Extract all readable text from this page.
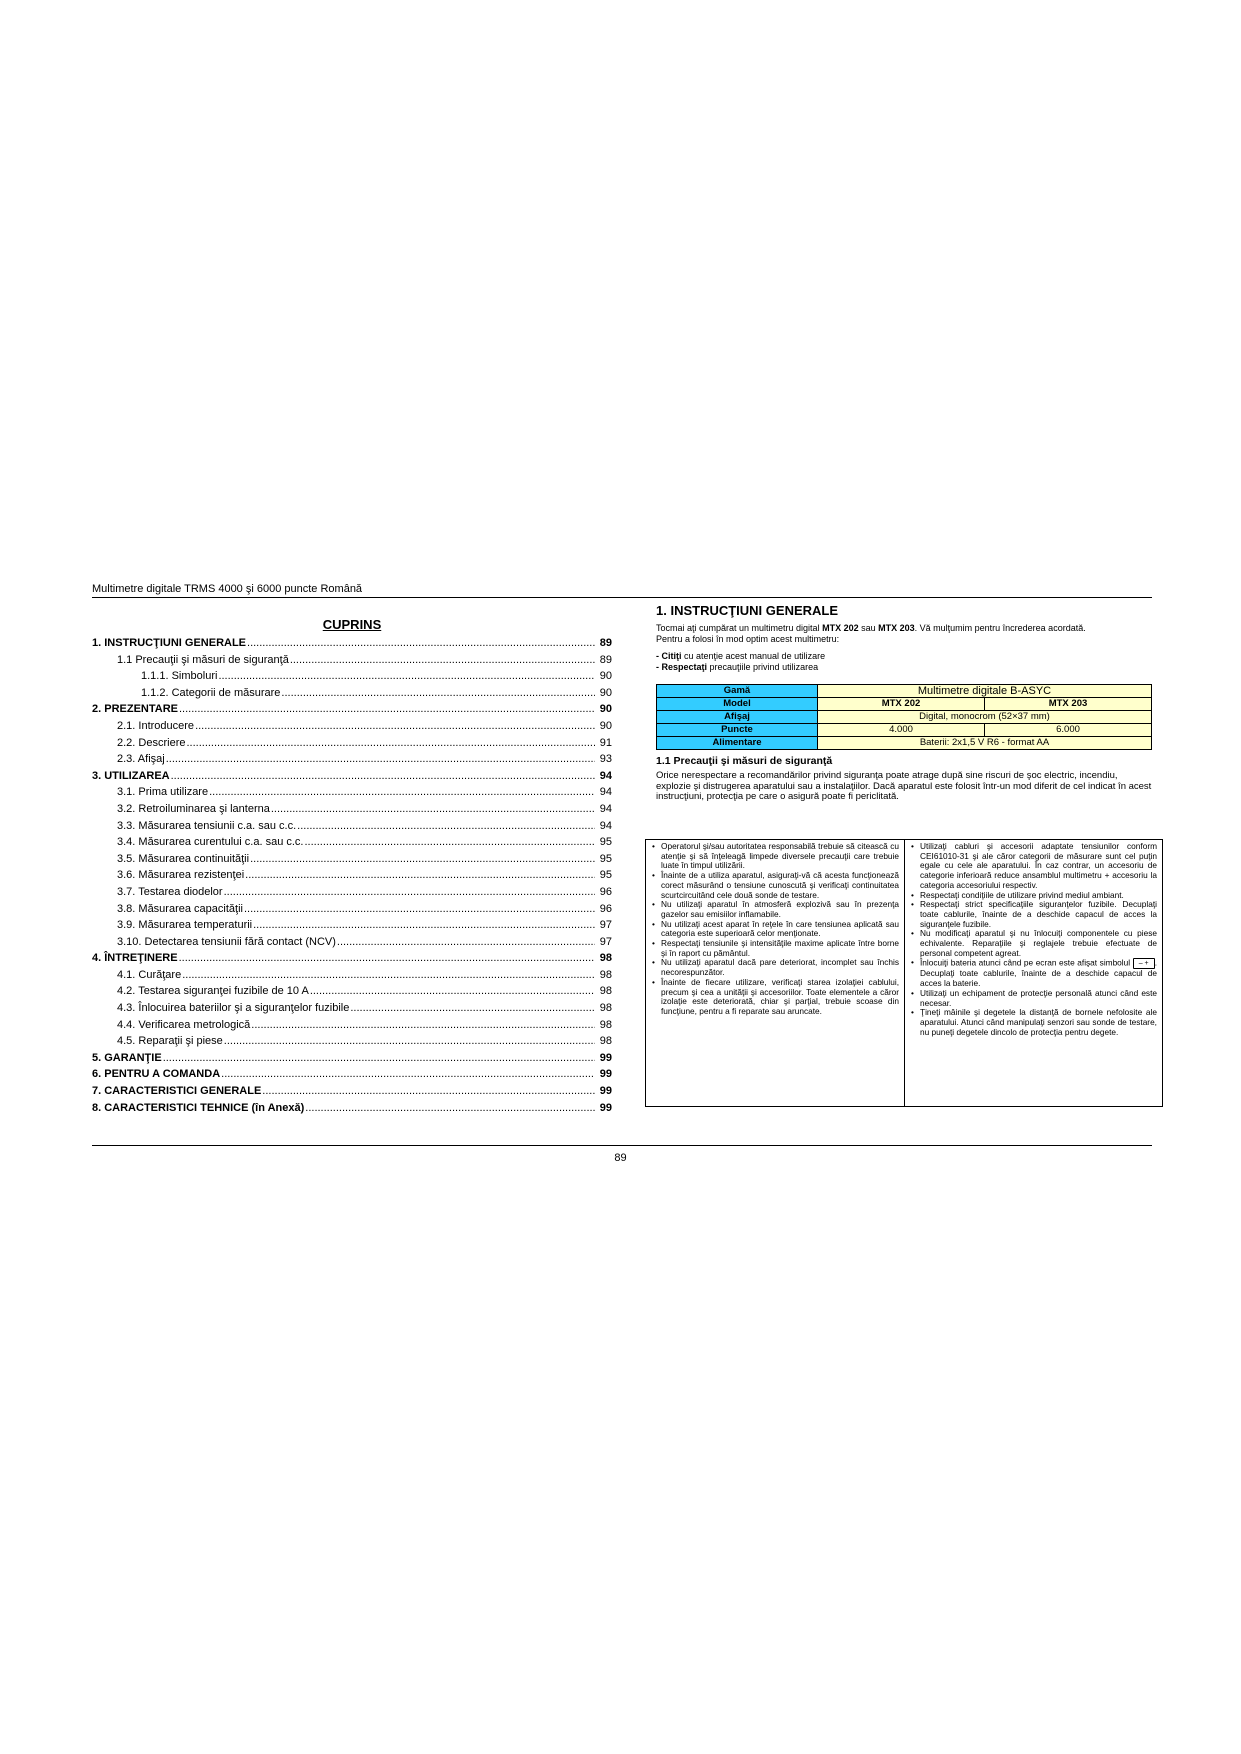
Multimetre digitale TRMS 4000 şi 6000 puncte Română
CUPRINS
1. INSTRUCŢIUNI GENERALE .....	89
1.1 Precauţii şi măsuri de siguranţă .....	89
1.1.1. Simboluri .....	90
1.1.2. Categorii de măsurare .....	90
2. PREZENTARE .....	90
2.1. Introducere .....	90
2.2. Descriere .....	91
2.3. Afişaj .....	93
3. UTILIZAREA .....	94
3.1. Prima utilizare .....	94
3.2. Retroiluminarea şi lanterna .....	94
3.3. Măsurarea tensiunii c.a. sau c.c. .....	94
3.4. Măsurarea curentului c.a. sau c.c. .....	95
3.5. Măsurarea continuităţii .....	95
3.6. Măsurarea rezistenţei .....	95
3.7. Testarea diodelor .....	96
3.8. Măsurarea capacităţii .....	96
3.9. Măsurarea temperaturii .....	97
3.10. Detectarea tensiunii fără contact (NCV) .....	97
4. ÎNTREŢINERE .....	98
4.1. Curăţare .....	98
4.2. Testarea siguranţei fuzibile de 10 A .....	98
4.3. Înlocuirea bateriilor şi a siguranţelor fuzibile .....	98
4.4. Verificarea metrologică .....	98
4.5. Reparaţii şi piese .....	98
5. GARANŢIE .....	99
6. PENTRU A COMANDA .....	99
7. CARACTERISTICI GENERALE .....	99
8. CARACTERISTICI TEHNICE (în Anexă) .....	99
1. INSTRUCŢIUNI GENERALE

Tocmai aţi cumpărat un multimetru digital MTX 202 sau MTX 203. Vă mulţumim pentru încrederea acordată.

Pentru a folosi în mod optim acest multimetru:

- Citiţi cu atenţie acest manual de utilizare

- Respectaţi precauţiile privind utilizarea

Gamă	Multimetre digitale B-ASYC	
Model	MTX 202	MTX 203
Afişaj	Digital, monocrom (52×37 mm)	
Puncte	4.000	6.000
Alimentare	Baterii: 2x1,5 V R6 - format AA	
1.1 Precauţii şi măsuri de siguranţă

Orice nerespectare a recomandărilor privind siguranţa poate atrage după sine riscuri de şoc electric, incendiu, explozie şi distrugerea aparatului sau a instalaţiilor. Dacă aparatul este folosit într-un mod diferit de cel indicat în acest instrucţiuni, protecţia pe care o asigură poate fi periclitată.

• Operatorul şi/sau autoritatea responsabilă trebuie să citească cu atenţie şi să înţeleagă limpede diversele precauţii care trebuie luate în timpul utilizării.
• Înainte de a utiliza aparatul, asiguraţi-vă că acesta funcţionează corect măsurând o tensiune cunoscută şi verificaţi continuitatea scurtcircuitând cele două sonde de testare.
• Nu utilizaţi aparatul în atmosferă explozivă sau în prezenţa gazelor sau emisiilor inflamabile.
• Nu utilizaţi acest aparat în reţele în care tensiunea aplicată sau categoria este superioară celor menţionate.
• Respectaţi tensiunile şi intensităţile maxime aplicate între borne şi în raport cu pământul.
• Nu utilizaţi aparatul dacă pare deteriorat, incomplet sau închis necorespunzător.
• Înainte de fiecare utilizare, verificaţi starea izolaţiei cablului, precum şi cea a unităţii şi accesoriilor. Toate elementele a căror izolaţie este deteriorată, chiar şi parţial, trebuie scoase din funcţiune, pentru a fi reparate sau aruncate.
• Utilizaţi cabluri şi accesorii adaptate tensiunilor conform CEI61010-31 şi ale căror categorii de măsurare sunt cel puţin egale cu cele ale aparatului. În caz contrar, un accesoriu de categorie inferioară reduce ansamblul multimetru + accesoriu la categoria accesoriului respectiv.
• Respectaţi condiţiile de utilizare privind mediul ambiant.
• Respectaţi strict specificaţiile siguranţelor fuzibile. Decuplaţi toate cablurile, înainte de a deschide capacul de acces la siguranţele fuzibile.
• Nu modificaţi aparatul şi nu înlocuiţi componentele cu piese echivalente. Reparaţiile şi reglajele trebuie efectuate de personal competent agreat.
• Înlocuiţi bateria atunci când pe ecran este afişat simbolul – + . Decuplaţi toate cablurile, înainte de a deschide capacul de acces la baterie.
• Utilizaţi un echipament de protecţie personală atunci când este necesar.
• Ţineţi mâinile şi degetele la distanţă de bornele nefolosite ale aparatului. Atunci când manipulaţi senzori sau sonde de testare, nu puneţi degetele dincolo de protecţia pentru degete.
89
